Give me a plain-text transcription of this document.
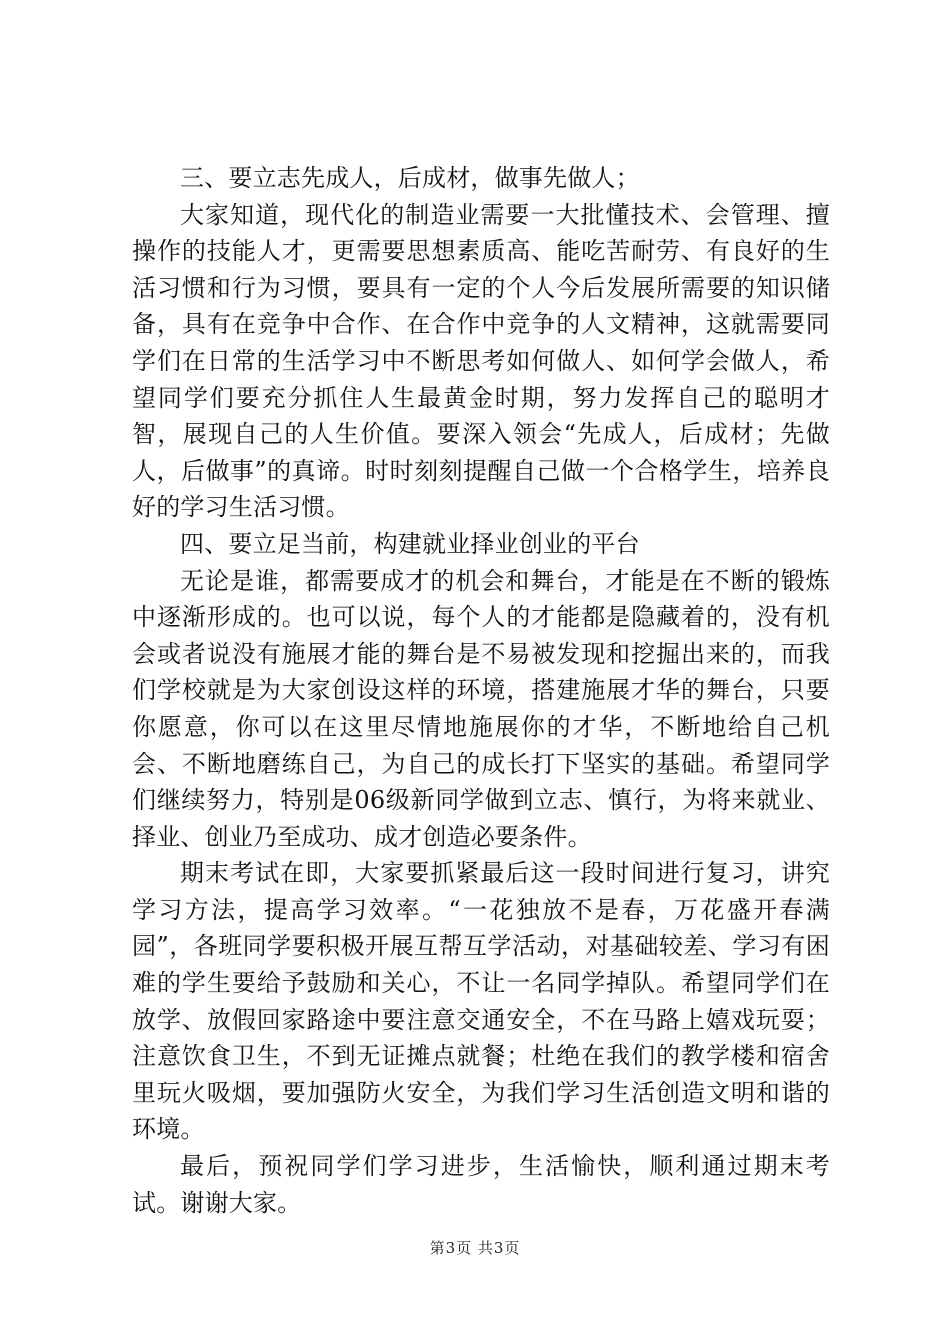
三、要立志先成人，后成材，做事先做人；

大家知道，现代化的制造业需要一大批懂技术、会管理、擅操作的技能人才，更需要思想素质高、能吃苦耐劳、有良好的生活习惯和行为习惯，要具有一定的个人今后发展所需要的知识储备，具有在竞争中合作、在合作中竞争的人文精神，这就需要同学们在日常的生活学习中不断思考如何做人、如何学会做人，希望同学们要充分抓住人生最黄金时期，努力发挥自己的聪明才智，展现自己的人生价值。要深入领会“先成人，后成材；先做人，后做事”的真谛。时时刻刻提醒自己做一个合格学生，培养良好的学习生活习惯。

四、要立足当前，构建就业择业创业的平台

无论是谁，都需要成才的机会和舞台，才能是在不断的锻炼中逐渐形成的。也可以说，每个人的才能都是隐藏着的，没有机会或者说没有施展才能的舞台是不易被发现和挖掘出来的，而我们学校就是为大家创设这样的环境，搭建施展才华的舞台，只要你愿意，你可以在这里尽情地施展你的才华，不断地给自己机会、不断地磨练自己，为自己的成长打下坚实的基础。希望同学们继续努力，特别是06级新同学做到立志、慎行，为将来就业、择业、创业乃至成功、成才创造必要条件。

期末考试在即，大家要抓紧最后这一段时间进行复习，讲究学习方法，提高学习效率。“一花独放不是春，万花盛开春满园”，各班同学要积极开展互帮互学活动，对基础较差、学习有困难的学生要给予鼓励和关心，不让一名同学掉队。希望同学们在放学、放假回家路途中要注意交通安全，不在马路上嬉戏玩耍；注意饮食卫生，不到无证摊点就餐；杜绝在我们的教学楼和宿舍里玩火吸烟，要加强防火安全，为我们学习生活创造文明和谐的环境。

最后，预祝同学们学习进步，生活愉快，顺利通过期末考试。谢谢大家。

第3页 共3页
